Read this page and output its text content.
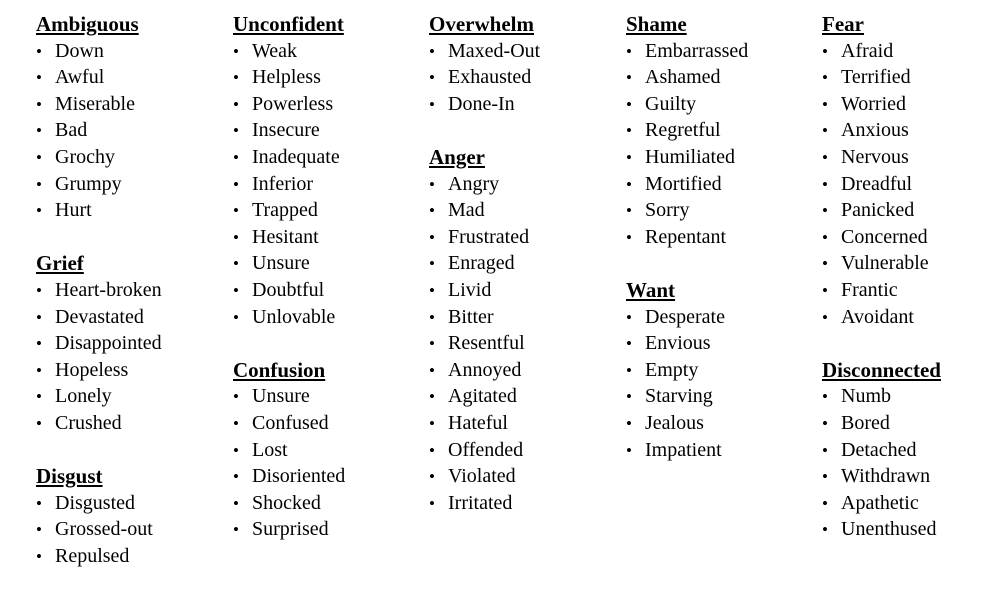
Ambiguous
• Down
• Awful
• Miserable
• Bad
• Grochy
• Grumpy
• Hurt
Grief
• Heart-broken
• Devastated
• Disappointed
• Hopeless
• Lonely
• Crushed
Disgust
• Disgusted
• Grossed-out
• Repulsed
Unconfident
• Weak
• Helpless
• Powerless
• Insecure
• Inadequate
• Inferior
• Trapped
• Hesitant
• Unsure
• Doubtful
• Unlovable
Confusion
• Unsure
• Confused
• Lost
• Disoriented
• Shocked
• Surprised
Overwhelm
• Maxed-Out
• Exhausted
• Done-In
Anger
• Angry
• Mad
• Frustrated
• Enraged
• Livid
• Bitter
• Resentful
• Annoyed
• Agitated
• Hateful
• Offended
• Violated
• Irritated
Shame
• Embarrassed
• Ashamed
• Guilty
• Regretful
• Humiliated
• Mortified
• Sorry
• Repentant
Want
• Desperate
• Envious
• Empty
• Starving
• Jealous
• Impatient
Fear
• Afraid
• Terrified
• Worried
• Anxious
• Nervous
• Dreadful
• Panicked
• Concerned
• Vulnerable
• Frantic
• Avoidant
Disconnected
• Numb
• Bored
• Detached
• Withdrawn
• Apathetic
• Unenthused
